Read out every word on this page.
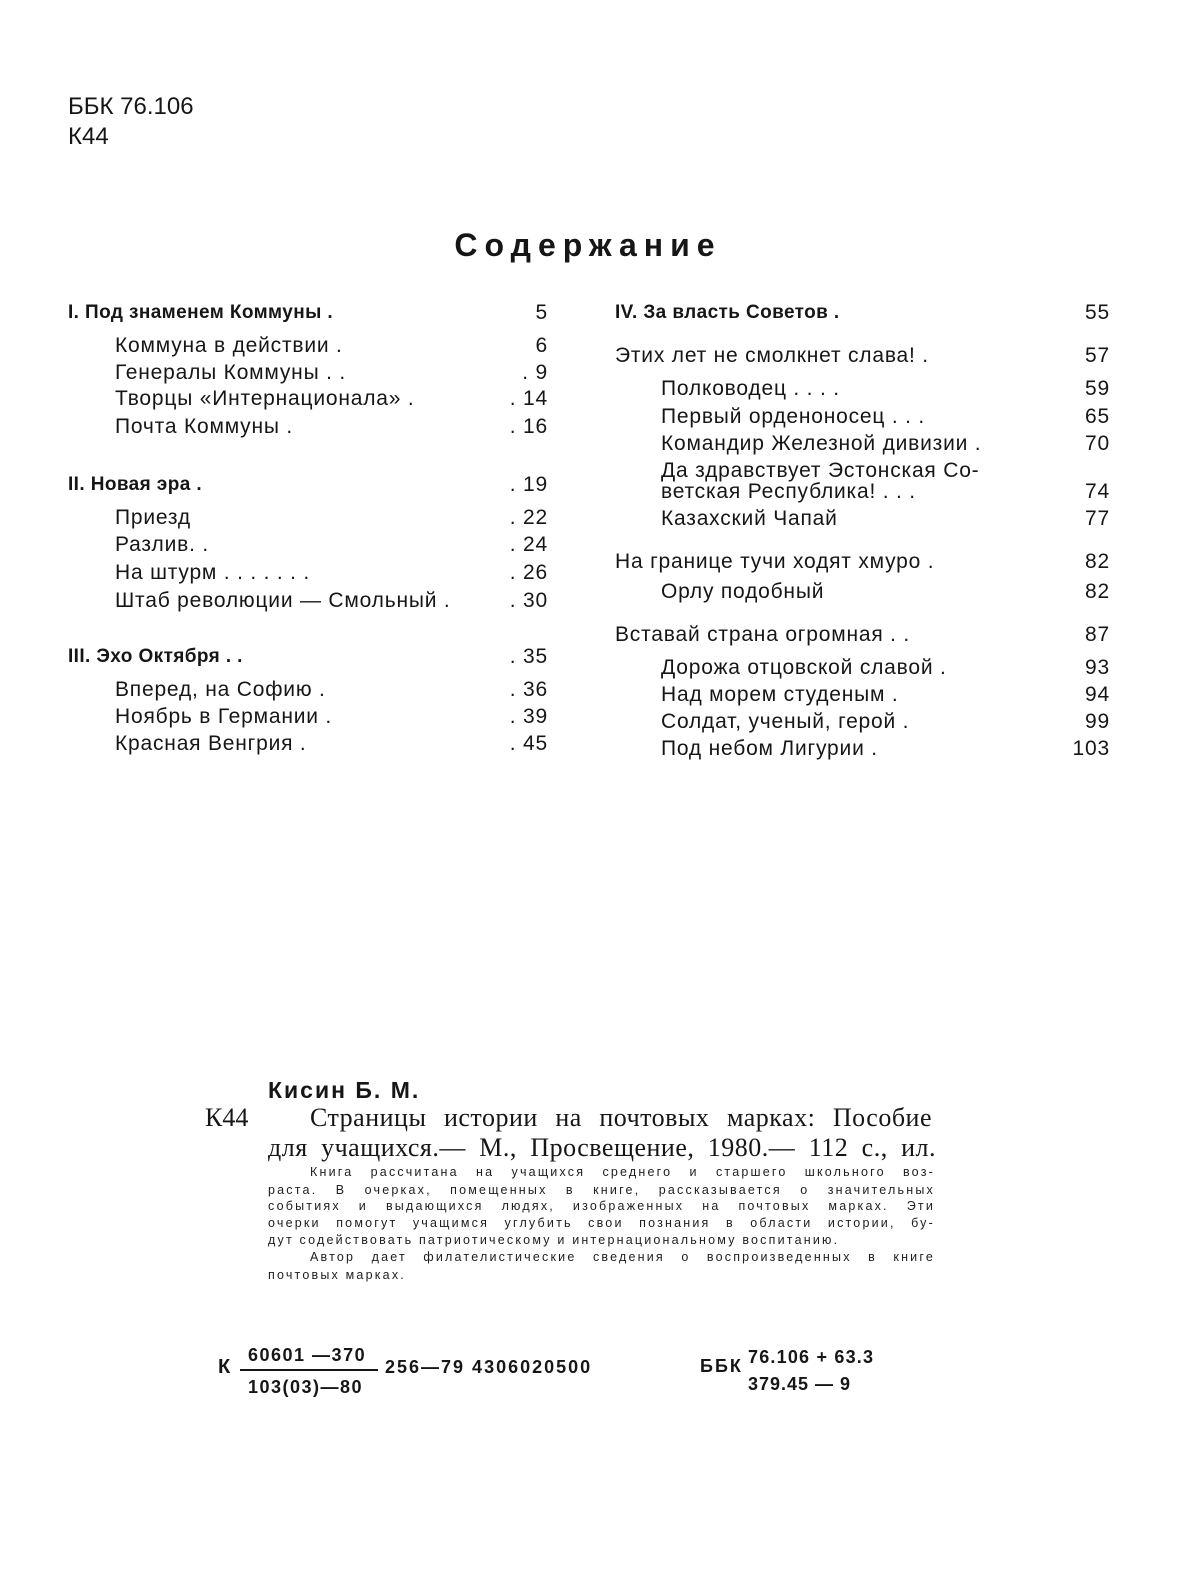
ББК 76.106
К44
Содержание
I. Под знаменем Коммуны .	5
Коммуна в действии .	6
Генералы Коммуны . .	. 9
Творцы «Интернационала» .	. 14
Почта Коммуны .	. 16
II. Новая эра .	. 19
Приезд	. 22
Разлив. .	. 24
На штурм . . . . . . .	. 26
Штаб революции — Смольный .	. 30
III. Эхо Октября . .	. 35
Вперед, на Софию .	. 36
Ноябрь в Германии .	. 39
Красная Венгрия .	. 45
IV. За власть Советов .	55
Этих лет не смолкнет слава! .	57
Полководец . . . .	59
Первый орденоносец . . .	65
Командир Железной дивизии .	70
Да здравствует Эстонская Со-
ветская Республика! . . .	74
Казахский Чапай	77
На границе тучи ходят хмуро .	82
Орлу подобный	82
Вставай страна огромная . .	87
Дорожа отцовской славой .	93
Над морем студеным .	94
Солдат, ученый, герой .	99
Под небом Лигурии .	103
Кисин Б. М.
К44 Страницы истории на почтовых марках: Пособие
для учащихся.— М., Просвещение, 1980.— 112 с., ил.
Книга рассчитана на учащихся среднего и старшего школьного воз-
раста. В очерках, помещенных в книге, рассказывается о значительных
событиях и выдающихся людях, изображенных на почтовых марках. Эти
очерки помогут учащимся углубить свои познания в области истории, бу-
дут содействовать патриотическому и интернациональному воспитанию.
Автор дает филателистические сведения о воспроизведенных в книге
почтовых марках.
К
60601 —370
103(03)—80
256—79 4306020500	ББК 76.106 + 63.3
379.45 — 9
